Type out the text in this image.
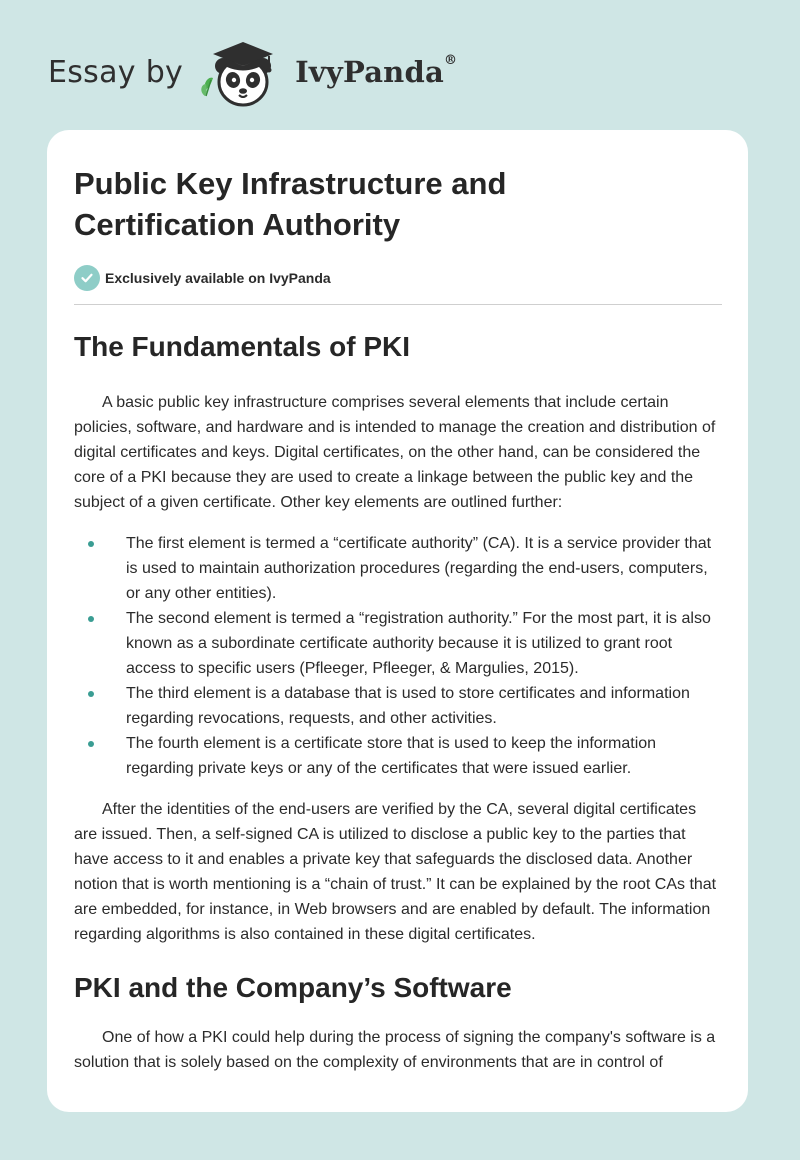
Essay by	IvyPanda®
Public Key Infrastructure and
Certification Authority
Exclusively available on IvyPanda
The Fundamentals of PKI

A basic public key infrastructure comprises several elements that include certain policies, software, and hardware and is intended to manage the creation and distribution of digital certificates and keys. Digital certificates, on the other hand, can be considered the core of a PKI because they are used to create a linkage between the public key and the subject of a given certificate. Other key elements are outlined further:

The first element is termed a “certificate authority” (CA). It is a service provider that is used to maintain authorization procedures (regarding the end-users, computers, or any other entities).
The second element is termed a “registration authority.” For the most part, it is also known as a subordinate certificate authority because it is utilized to grant root access to specific users (Pfleeger, Pfleeger, & Margulies, 2015).
The third element is a database that is used to store certificates and information regarding revocations, requests, and other activities.
The fourth element is a certificate store that is used to keep the information regarding private keys or any of the certificates that were issued earlier.

After the identities of the end-users are verified by the CA, several digital certificates are issued. Then, a self-signed CA is utilized to disclose a public key to the parties that have access to it and enables a private key that safeguards the disclosed data. Another notion that is worth mentioning is a “chain of trust.” It can be explained by the root CAs that are embedded, for instance, in Web browsers and are enabled by default. The information regarding algorithms is also contained in these digital certificates.

PKI and the Company’s Software

One of how a PKI could help during the process of signing the company's software is a solution that is solely based on the complexity of environments that are in control of
